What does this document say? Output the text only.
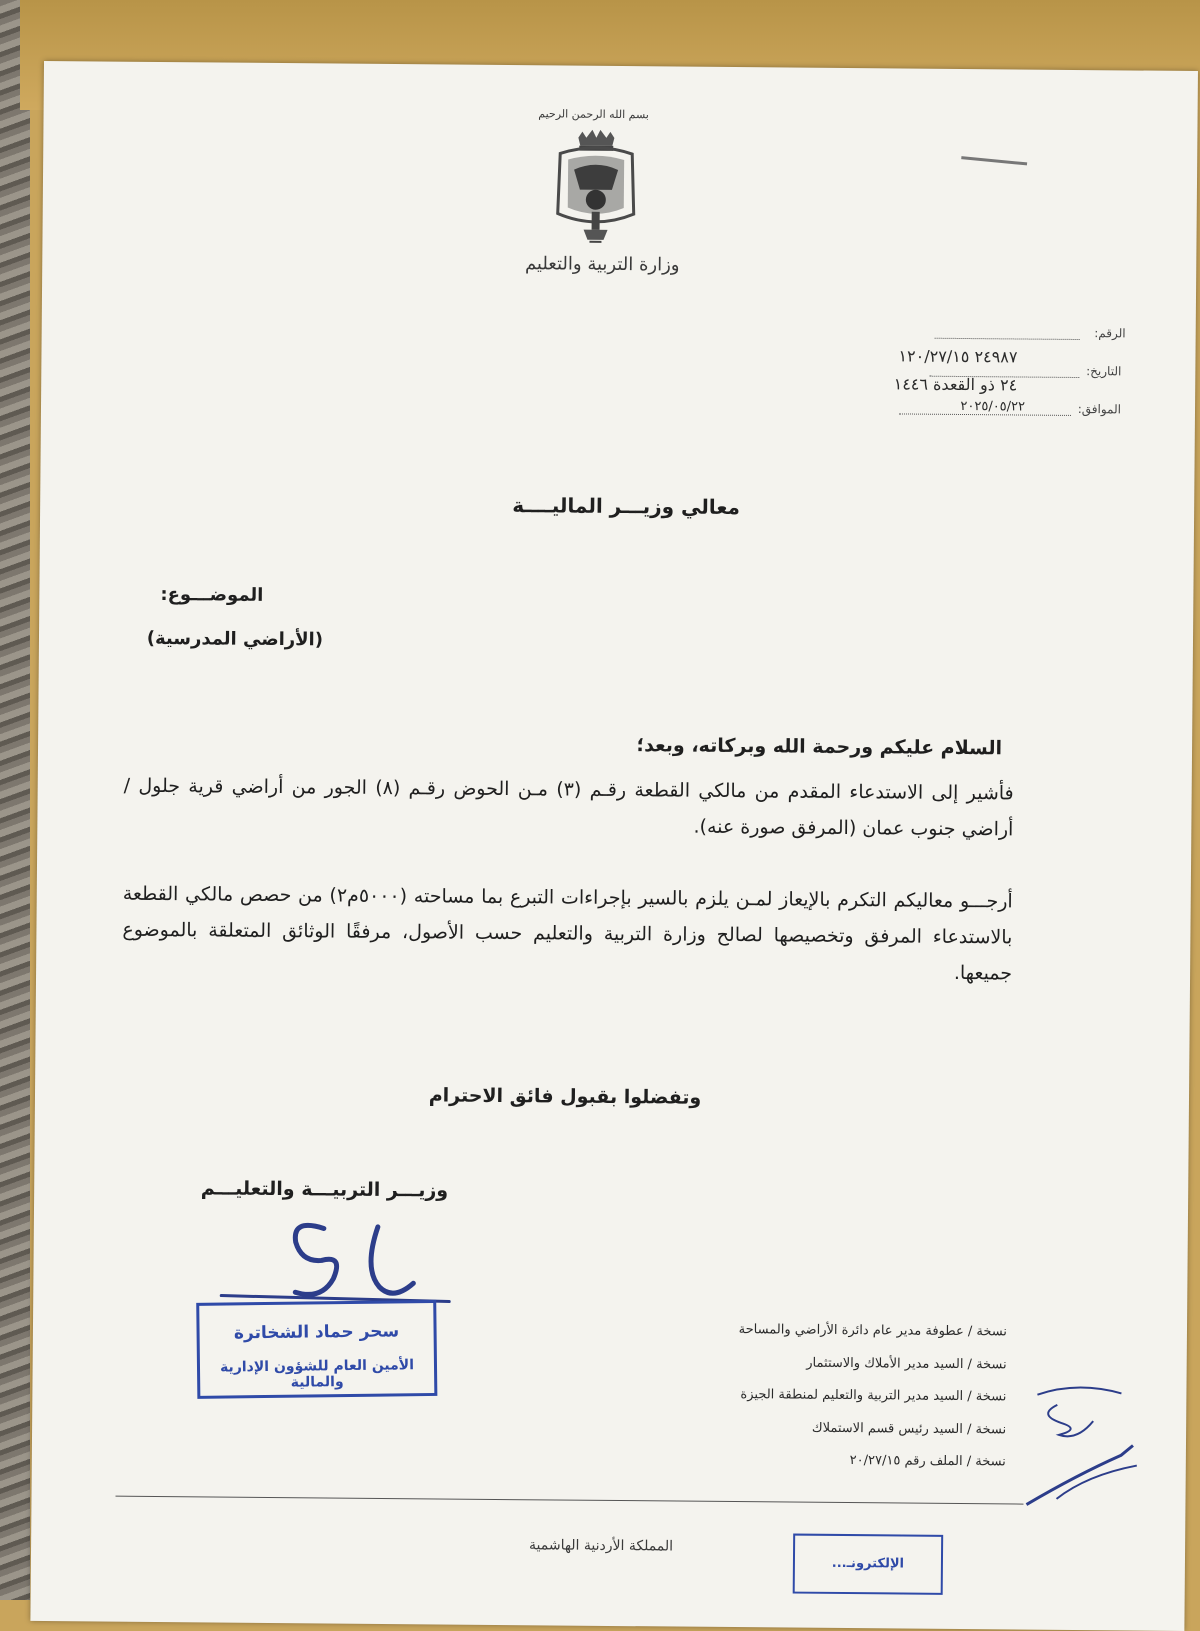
بسم الله الرحمن الرحيم
وزارة التربية والتعليم
الرقم:
٢٤٩٨٧ ١٢٠/٢٧/١٥
التاريخ:
٢٤ ذو القعدة ١٤٤٦
الموافق:
٢٠٢٥/٠٥/٢٢
معالي وزيـــر الماليــــة
الموضـــوع:
(الأراضي المدرسية)
السلام عليكم ورحمة الله وبركاته، وبعد؛
فأشير إلى الاستدعاء المقدم من مالكي القطعة رقـم (٣) مـن الحوض رقـم (٨) الجور من أراضي قرية جلول /أراضي جنوب عمان (المرفق صورة عنه).
أرجـــو معاليكم التكرم بالإيعاز لمـن يلزم بالسير بإجراءات التبرع بما مساحته (٥٠٠٠م٢) من حصص مالكي القطعة بالاستدعاء المرفق وتخصيصها لصالح وزارة التربية والتعليم حسب الأصول، مرفقًا الوثائق المتعلقة بالموضوع جميعها.
وتفضلوا بقبول فائق الاحترام
وزيـــر التربيـــة والتعليـــم
سحر حماد الشخاترة
الأمين العام للشؤون الإدارية والمالية
نسخة / عطوفة مدير عام دائرة الأراضي والمساحة
نسخة / السيد مدير الأملاك والاستثمار
نسخة / السيد مدير التربية والتعليم لمنطقة الجيزة
نسخة / السيد رئيس قسم الاستملاك
نسخة / الملف رقم ٢٠/٢٧/١٥
المملكة الأردنية الهاشمية
الإلكترونـ...
